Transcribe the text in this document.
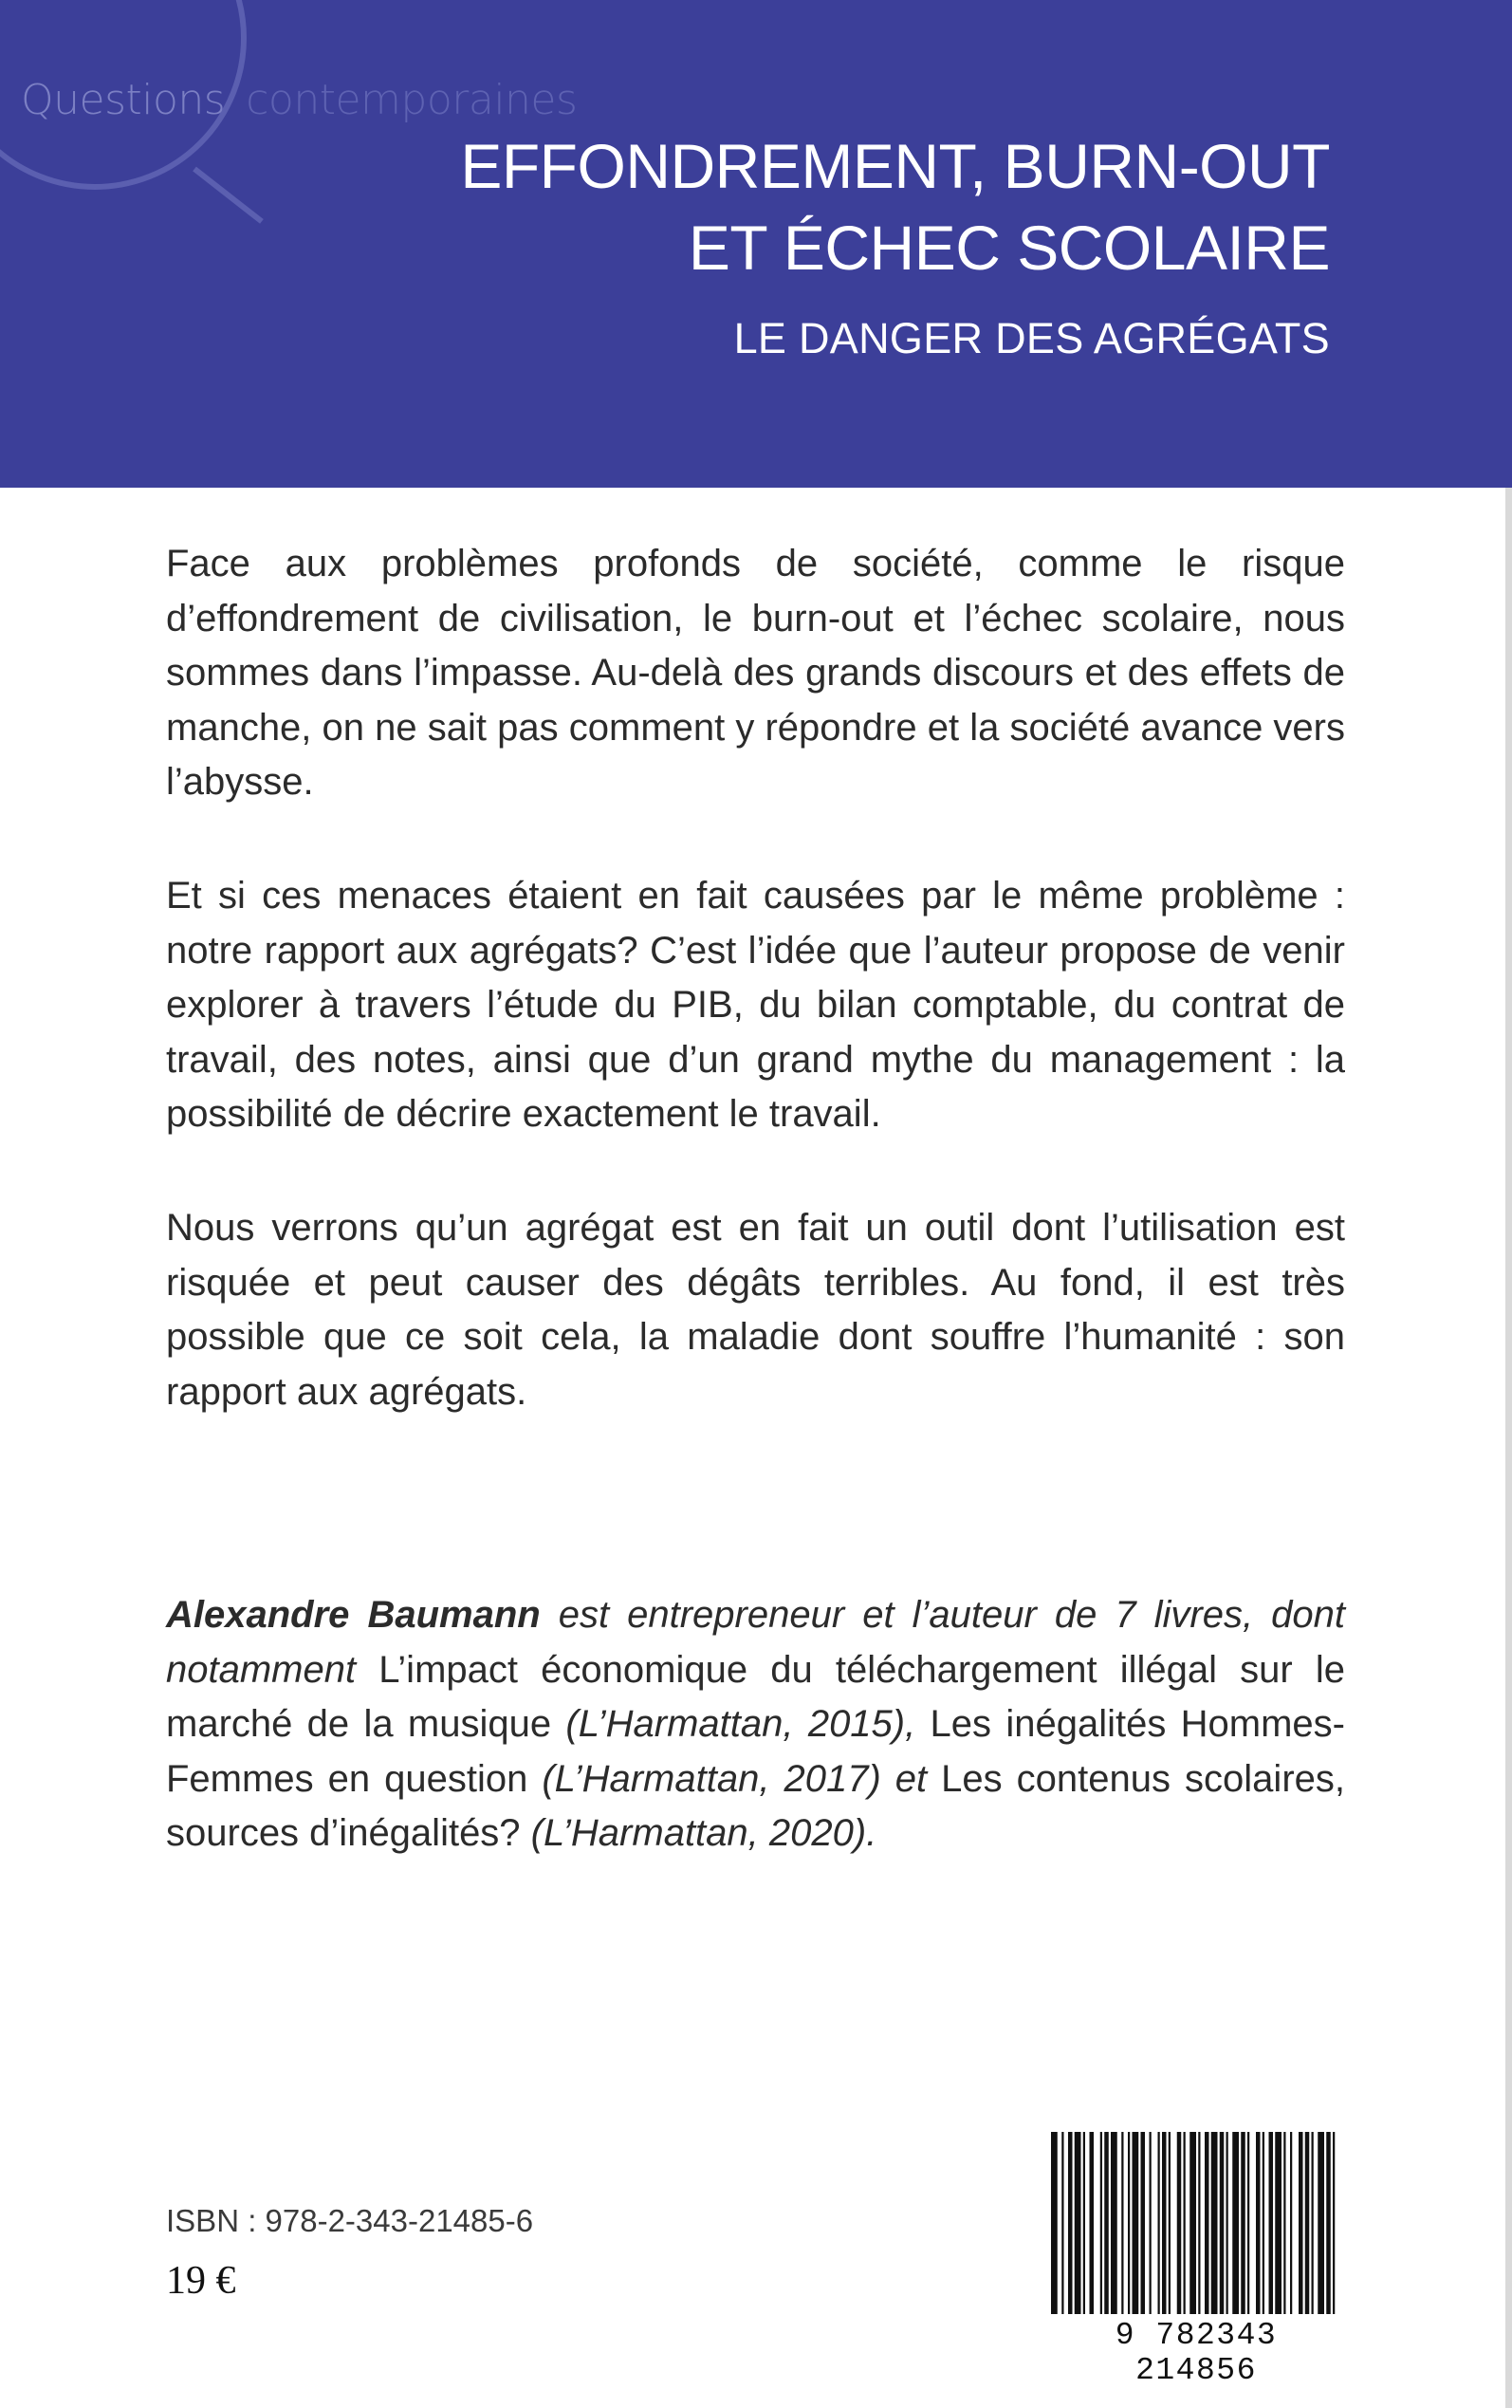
Questions contemporaines
EFFONDREMENT, BURN-OUT
ET ÉCHEC SCOLAIRE
LE DANGER DES AGRÉGATS

Face aux problèmes profonds de société, comme le risque d’effondrement de civilisation, le burn-out et l’échec scolaire, nous sommes dans l’impasse. Au-delà des grands discours et des effets de manche, on ne sait pas comment y répondre et la société avance vers l’abysse.

Et si ces menaces étaient en fait causées par le même problème : notre rapport aux agrégats? C’est l’idée que l’auteur propose de venir explorer à travers l’étude du PIB, du bilan comptable, du contrat de travail, des notes, ainsi que d’un grand mythe du management : la possibilité de décrire exactement le travail.

Nous verrons qu’un agrégat est en fait un outil dont l’utilisation est risquée et peut causer des dégâts terribles. Au fond, il est très possible que ce soit cela, la maladie dont souffre l’humanité : son rapport aux agrégats.

Alexandre Baumann est entrepreneur et l’auteur de 7 livres, dont notamment L’impact économique du téléchargement illégal sur le marché de la musique (L’Harmattan, 2015), Les inégalités Hommes-Femmes en question (L’Harmattan, 2017) et Les contenus scolaires, sources d’inégalités? (L’Harmattan, 2020).

ISBN : 978-2-343-21485-6
19 €
9 782343 214856
